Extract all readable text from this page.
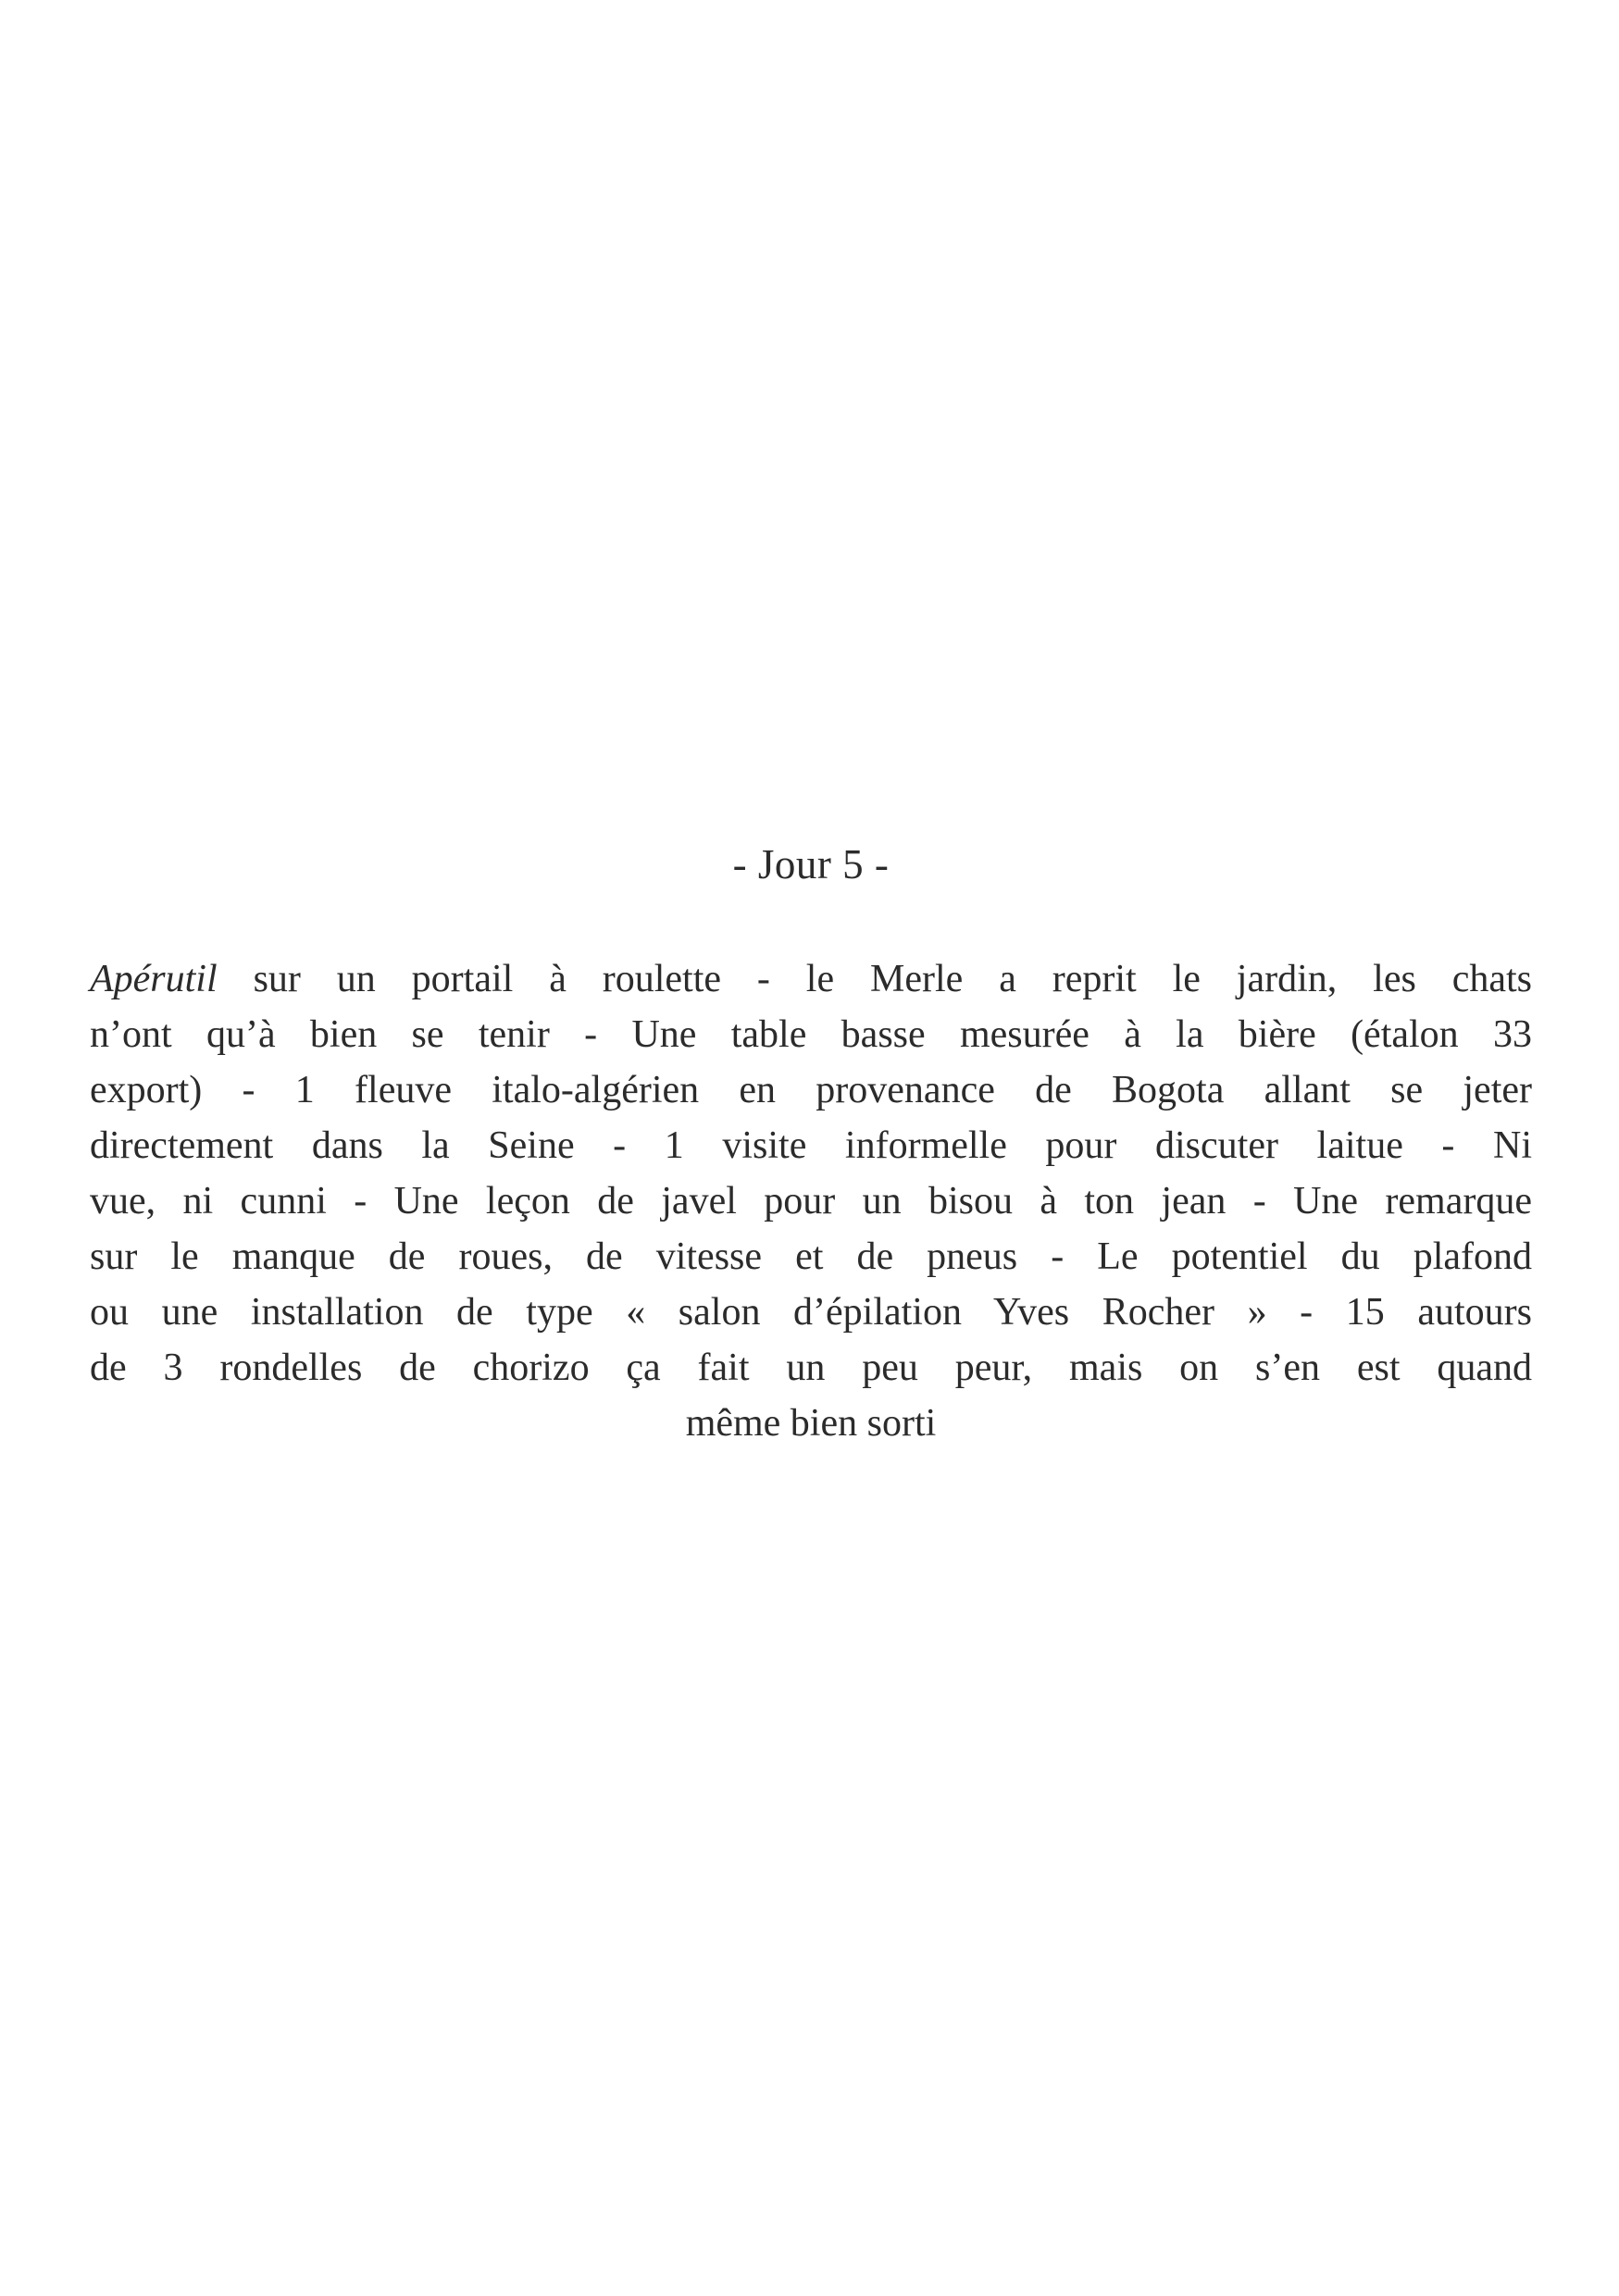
- Jour 5 -

Apérutil sur un portail à roulette - le Merle a reprit le jardin, les chats
n’ont qu’à bien se tenir - Une table basse mesurée à la bière (étalon 33
export) - 1 fleuve italo-algérien en provenance de Bogota allant se jeter
directement dans la Seine - 1 visite informelle pour discuter laitue - Ni
vue, ni cunni - Une leçon de javel pour un bisou à ton jean - Une remarque
sur le manque de roues, de vitesse et de pneus - Le potentiel du plafond
ou une installation de type « salon d’épilation Yves Rocher » - 15 autours
de 3 rondelles de chorizo ça fait un peu peur, mais on s’en est quand
même bien sorti
